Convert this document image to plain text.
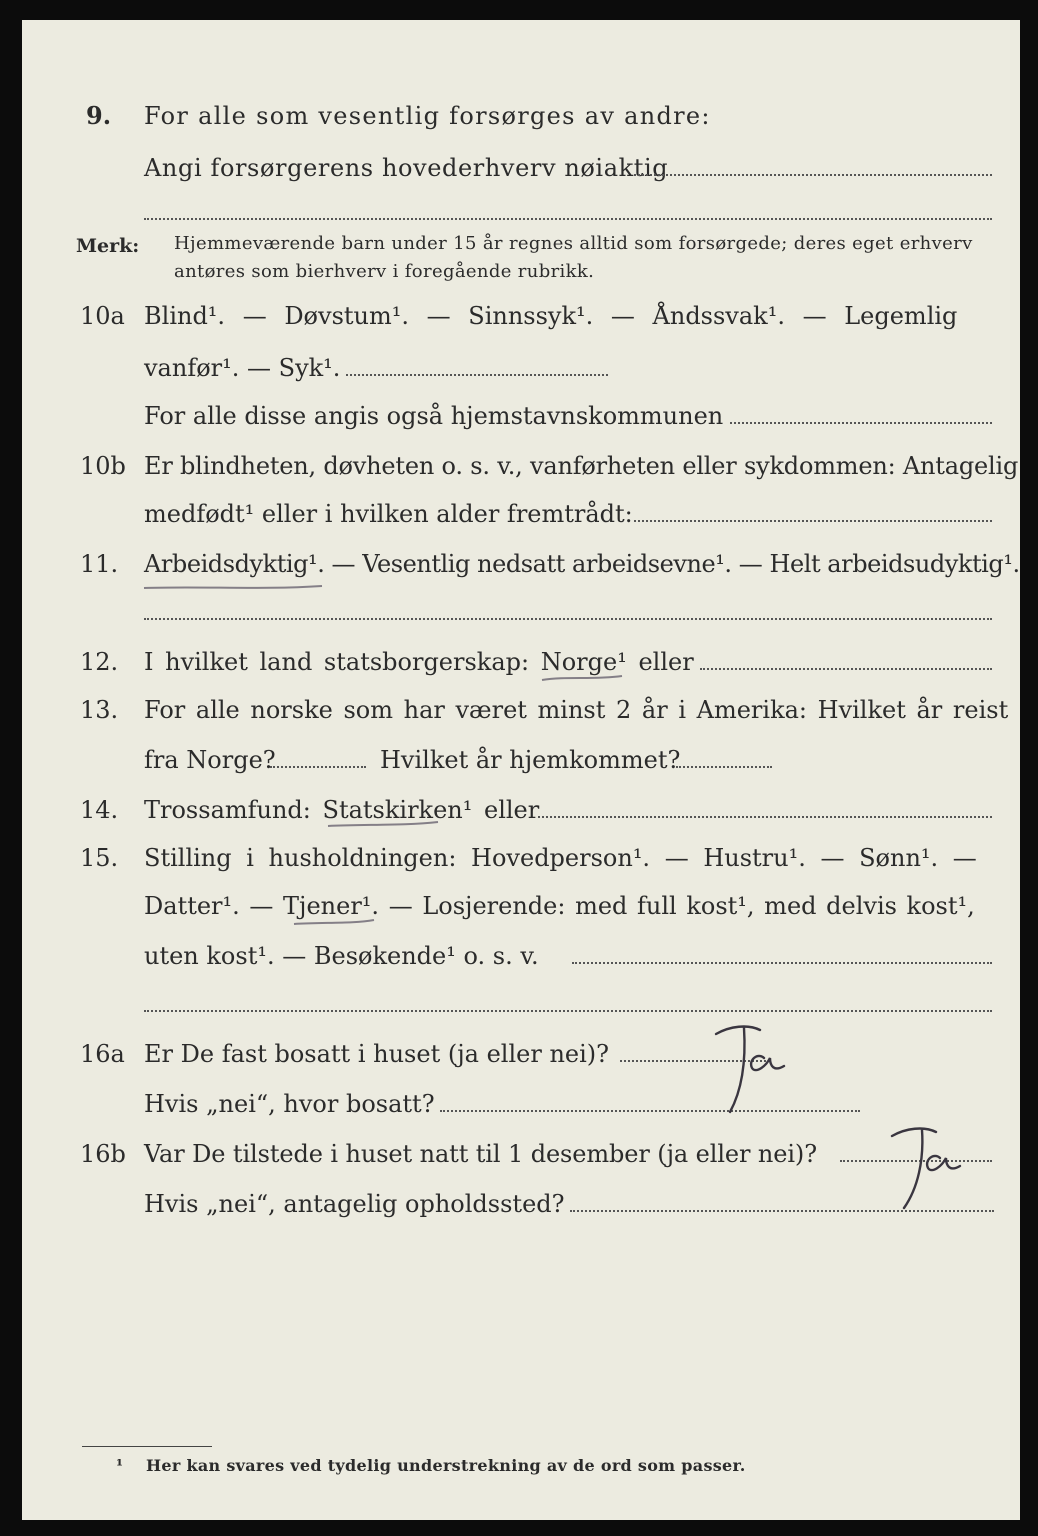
9. For alle som vesentlig forsørges av andre:
Angi forsørgerens hovederhverv nøiaktig
Merk: Hjemmeværende barn under 15 år regnes alltid som forsørgede; deres eget erhverv
antøres som bierhverv i foregående rubrikk.
10a Blind¹. — Døvstum¹. — Sinnssyk¹. — Åndssvak¹. — Legemlig
vanfør¹. — Syk¹.
For alle disse angis også hjemstavnskommunen
10b Er blindheten, døvheten o. s. v., vanførheten eller sykdommen: Antagelig
medfødt¹ eller i hvilken alder fremtrådt:
11. Arbeidsdyktig¹. — Vesentlig nedsatt arbeidsevne¹. — Helt arbeidsudyktig¹.
12. I hvilket land statsborgerskap: Norge¹ eller
13. For alle norske som har været minst 2 år i Amerika: Hvilket år reist
fra Norge?	Hvilket år hjemkommet?
14. Trossamfund: Statskirken¹ eller
15. Stilling i husholdningen: Hovedperson¹. — Hustru¹. — Sønn¹. —
Datter¹. — Tjener¹. — Losjerende: med full kost¹, med delvis kost¹,
uten kost¹. — Besøkende¹ o. s. v.
16a Er De fast bosatt i huset (ja eller nei)?
Hvis „nei“, hvor bosatt?
16b Var De tilstede i huset natt til 1 desember (ja eller nei)?
Hvis „nei“, antagelig opholdssted?
¹ Her kan svares ved tydelig understrekning av de ord som passer.
